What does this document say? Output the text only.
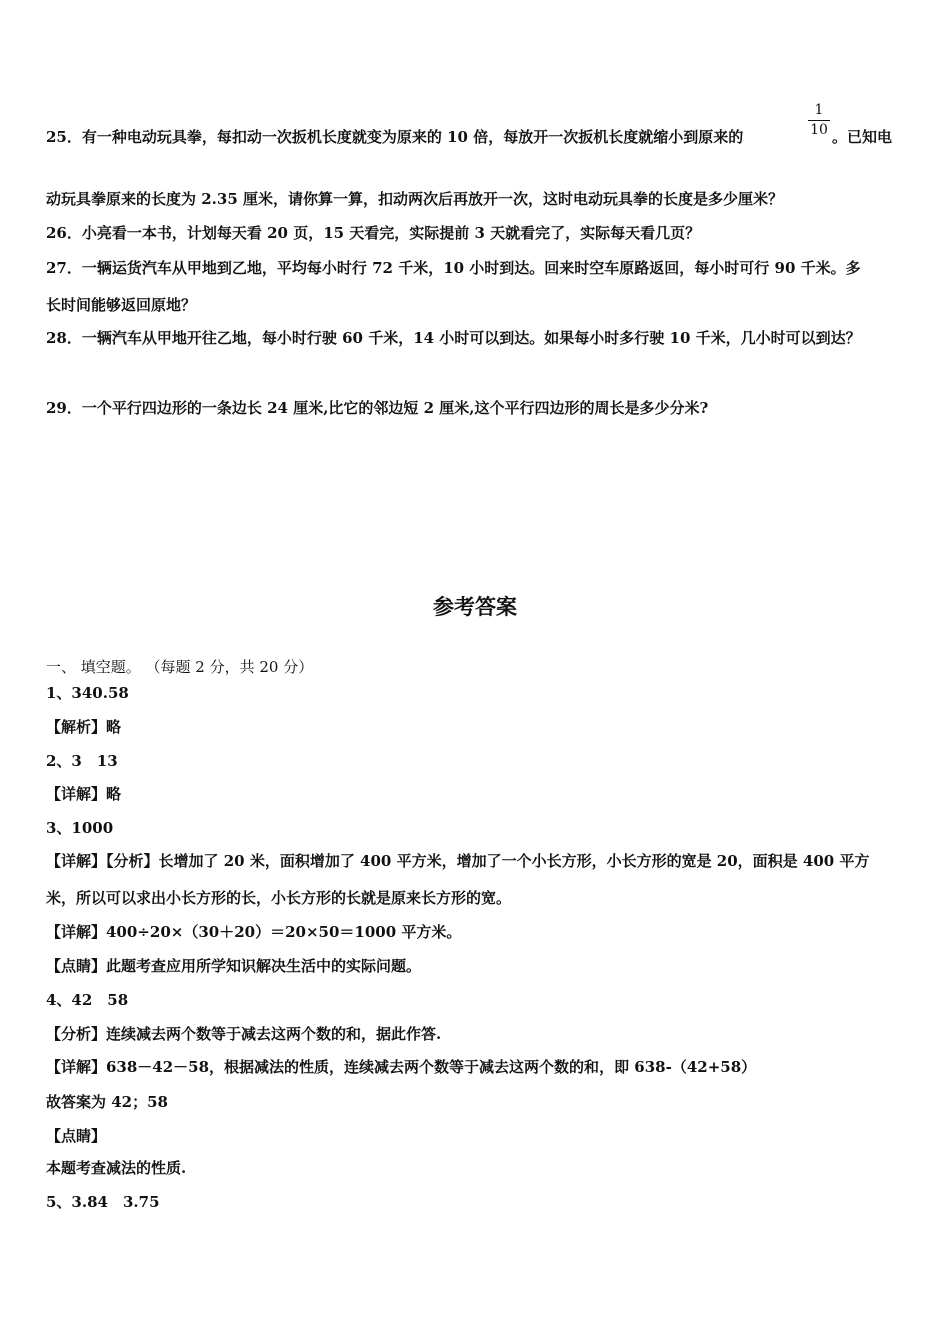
25．有一种电动玩具拳，每扣动一次扳机长度就变为原来的 10 倍，每放开一次扳机长度就缩小到原来的	$\frac{1}{10}$ 。已知电
动玩具拳原来的长度为 2.35 厘米，请你算一算，扣动两次后再放开一次，这时电动玩具拳的长度是多少厘米？
26．小亮看一本书，计划每天看 20 页，15 天看完，实际提前 3 天就看完了，实际每天看几页？
27．一辆运货汽车从甲地到乙地，平均每小时行 72 千米，10 小时到达。回来时空车原路返回，每小时可行 90 千米。多
长时间能够返回原地？
28．一辆汽车从甲地开往乙地，每小时行驶 60 千米，14 小时可以到达。如果每小时多行驶 10 千米，几小时可以到达？
29．一个平行四边形的一条边长 24 厘米,比它的邻边短 2 厘米,这个平行四边形的周长是多少分米?
参考答案
一、 填空题。 （每题 2 分，共 20 分）
1、340.58
【解析】略
2、3　13
【详解】略
3、1000
【详解】【分析】长增加了 20 米，面积增加了 400 平方米，增加了一个小长方形，小长方形的宽是 20，面积是 400 平方
米，所以可以求出小长方形的长，小长方形的长就是原来长方形的宽。
【详解】400÷20×（30＋20）＝20×50＝1000 平方米。
【点睛】此题考查应用所学知识解决生活中的实际问题。
4、42　58
【分析】连续减去两个数等于减去这两个数的和，据此作答.
【详解】638－42－58，根据减法的性质，连续减去两个数等于减去这两个数的和，即 638-（42+58）
故答案为 42；58
【点睛】
本题考查减法的性质.
5、3.84　3.75
